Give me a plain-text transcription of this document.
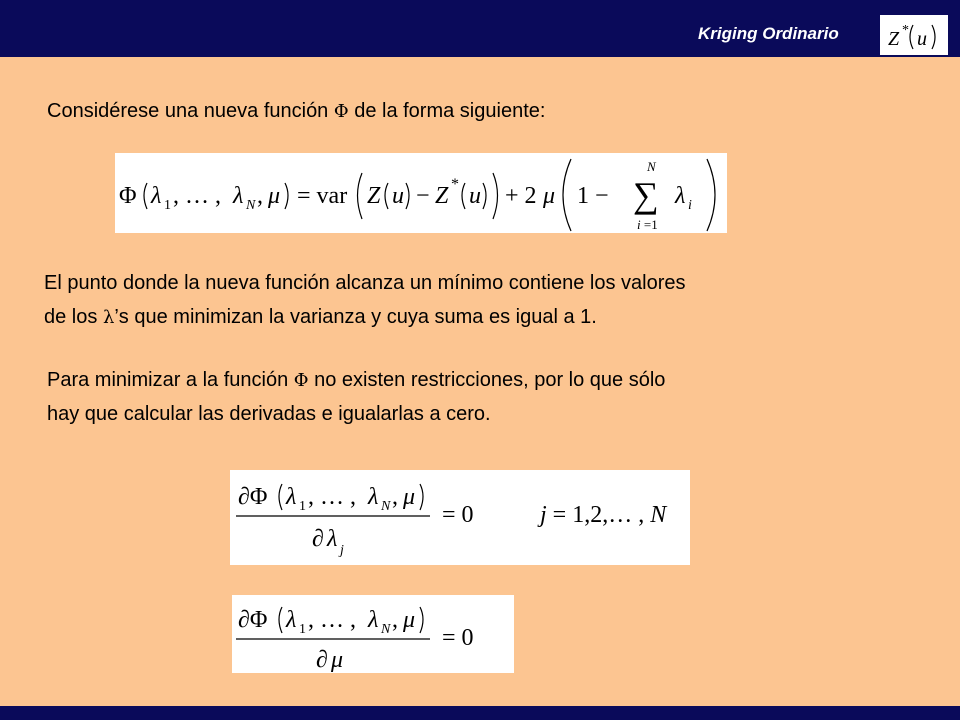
Kriging Ordinario Z * u
Considérese una nueva función Φ de la forma siguiente:
Φ λ 1 , … , λ N , μ = var Z u − Z * u + 2 μ 1 − ∑
N
i =1
λ i
El punto donde la nueva función alcanza un mínimo contiene los valores
de los λ’s que minimizan la varianza y cuya suma es igual a 1.
Para minimizar a la función Φ no existen restricciones, por lo que sólo
hay que calcular las derivadas e igualarlas a cero.
∂Φ λ 1 , … , λ N , μ
∂ λ j
= 0	j = 1,2,… , N
∂Φ λ 1 , … , λ N , μ
∂ μ
= 0
